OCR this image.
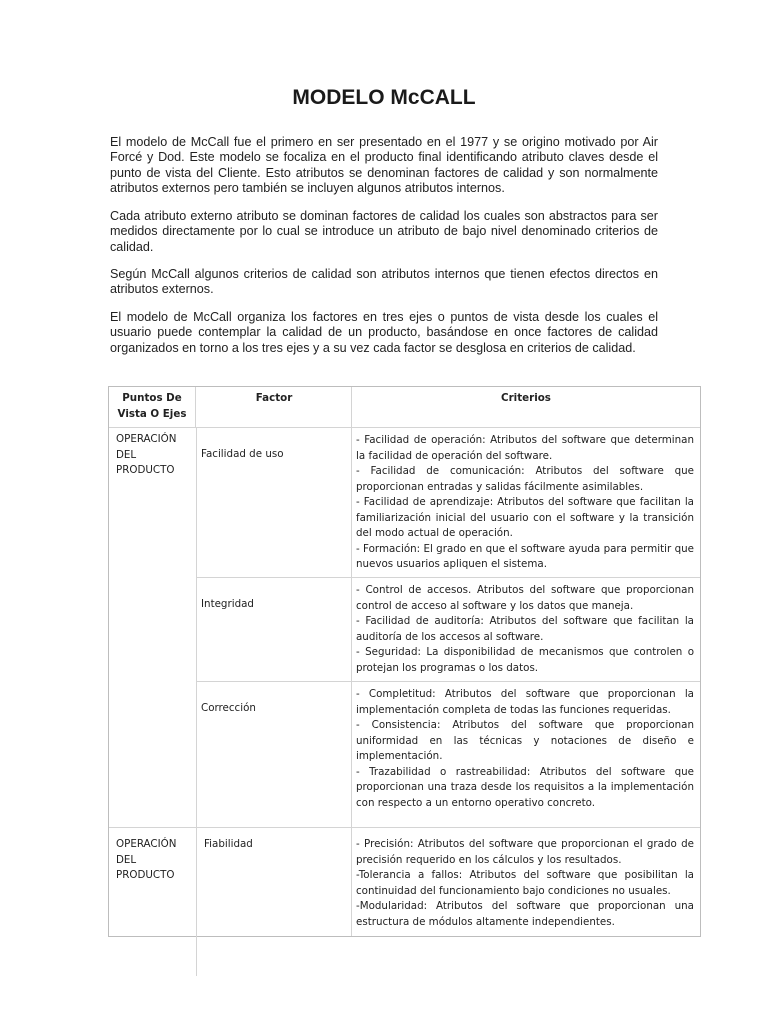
MODELO McCALL

El modelo de McCall fue el primero en ser presentado en el 1977 y se origino motivado por Air Forcé y Dod. Este modelo se focaliza en el producto final identificando atributo claves desde el punto de vista del Cliente. Esto atributos se denominan factores de calidad y son normalmente atributos externos pero también se incluyen algunos atributos internos.

Cada atributo externo atributo se dominan factores de calidad los cuales son abstractos para ser medidos directamente por lo cual se introduce un atributo de bajo nivel denominado criterios de calidad.

Según McCall algunos criterios de calidad son atributos internos que tienen efectos directos en atributos externos.

El modelo de McCall organiza los factores en tres ejes o puntos de vista desde los cuales el usuario puede contemplar la calidad de un producto, basándose en once factores de calidad organizados en torno a los tres ejes y a su vez cada factor se desglosa en criterios de calidad.

Puntos De Vista O Ejes
Factor	Criterios
OPERACIÓN DEL PRODUCTO
Facilidad de uso
- Facilidad de operación: Atributos del software que determinan la facilidad de operación del software.
- Facilidad de comunicación: Atributos del software que proporcionan entradas y salidas fácilmente asimilables.
- Facilidad de aprendizaje: Atributos del software que facilitan la familiarización inicial del usuario con el software y la transición del modo actual de operación.
- Formación: El grado en que el software ayuda para permitir que nuevos usuarios apliquen el sistema.
Integridad
- Control de accesos. Atributos del software que proporcionan control de acceso al software y los datos que maneja.
- Facilidad de auditoría: Atributos del software que facilitan la auditoría de los accesos al software.
- Seguridad: La disponibilidad de mecanismos que controlen o protejan los programas o los datos.
Corrección
- Completitud: Atributos del software que proporcionan la implementación completa de todas las funciones requeridas.
- Consistencia: Atributos del software que proporcionan uniformidad en las técnicas y notaciones de diseño e implementación.
- Trazabilidad o rastreabilidad: Atributos del software que proporcionan una traza desde los requisitos a la implementación con respecto a un entorno operativo concreto.
OPERACIÓN DEL PRODUCTO
Fiabilidad	- Precisión: Atributos del software que proporcionan el grado de precisión requerido en los cálculos y los resultados.
-Tolerancia a fallos: Atributos del software que posibilitan la continuidad del funcionamiento bajo condiciones no usuales.
-Modularidad: Atributos del software que proporcionan una estructura de módulos altamente independientes.
